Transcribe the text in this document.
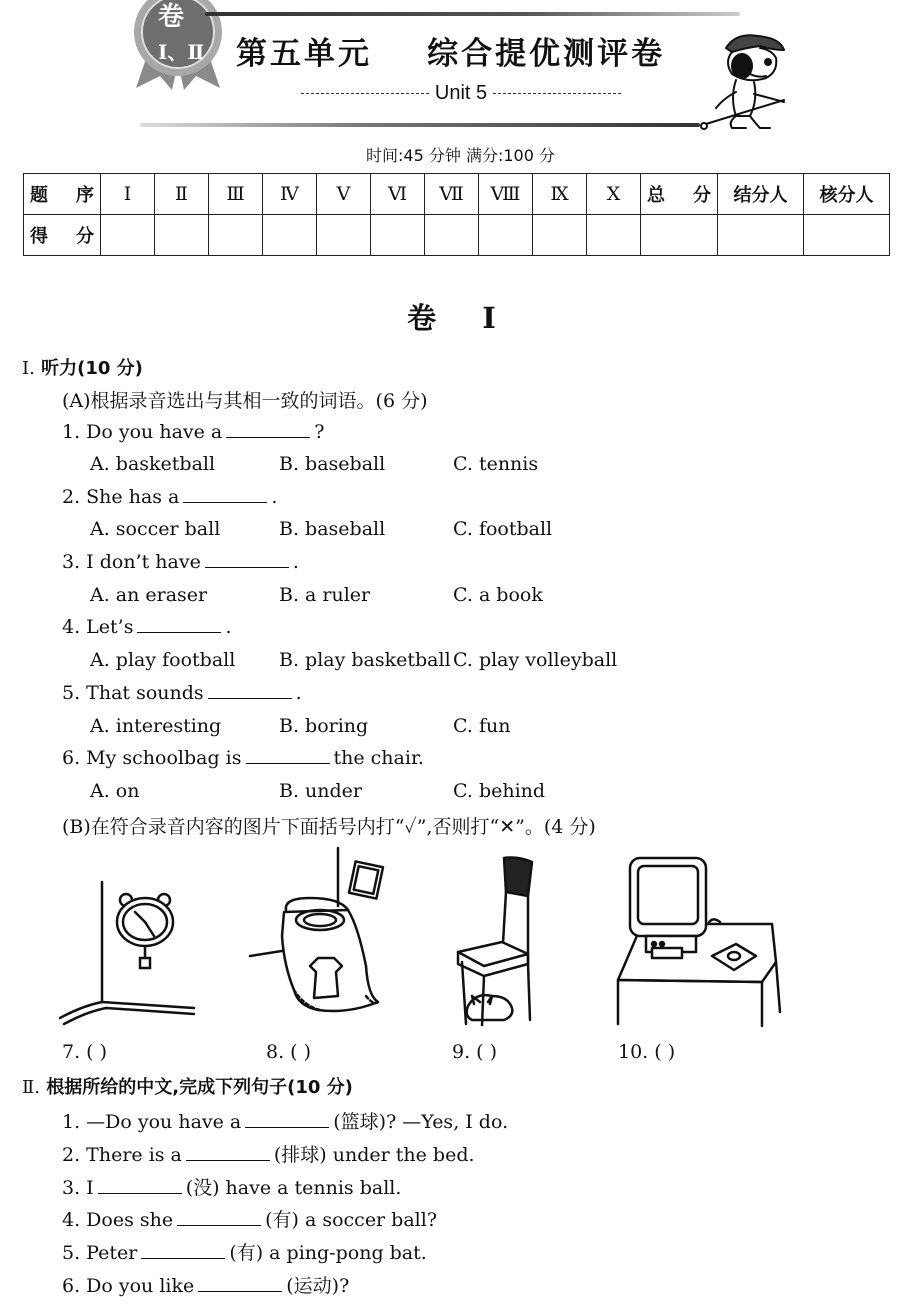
卷
Ⅰ、Ⅱ 第五单元    综合提优测评卷
Unit 5
时间:45 分钟 满分:100 分
题 序	Ⅰ	Ⅱ	Ⅲ	Ⅳ	Ⅴ	Ⅵ	Ⅶ	Ⅷ	Ⅸ	Ⅹ	总 分	结分人	核分人
得 分													
卷 Ⅰ
Ⅰ. 听力(10 分)
(A)根据录音选出与其相一致的词语。(6 分)
1. Do you have a	?
A. basketball	B. baseball	C. tennis
2. She has a	.
A. soccer ball	B. baseball	C. football
3. I don’t have	.
A. an eraser	B. a ruler	C. a book
4. Let’s	.
A. play football B. play basketball C. play volleyball
5. That sounds	.
A. interesting	B. boring	C. fun
6. My schoolbag is	the chair.
A. on	B. under	C. behind
(B)在符合录音内容的图片下面括号内打“✓”,否则打“✕”。(4 分)
7. ( )	8. ( )	9. ( )	10. ( )
Ⅱ. 根据所给的中文,完成下列句子(10 分)
1. —Do you have a	(篮球)? —Yes, I do.
2. There is a	(排球) under the bed.
3. I	(没) have a tennis ball.
4. Does she	(有) a soccer ball?
5. Peter	(有) a ping-pong bat.
6. Do you like	(运动)?
